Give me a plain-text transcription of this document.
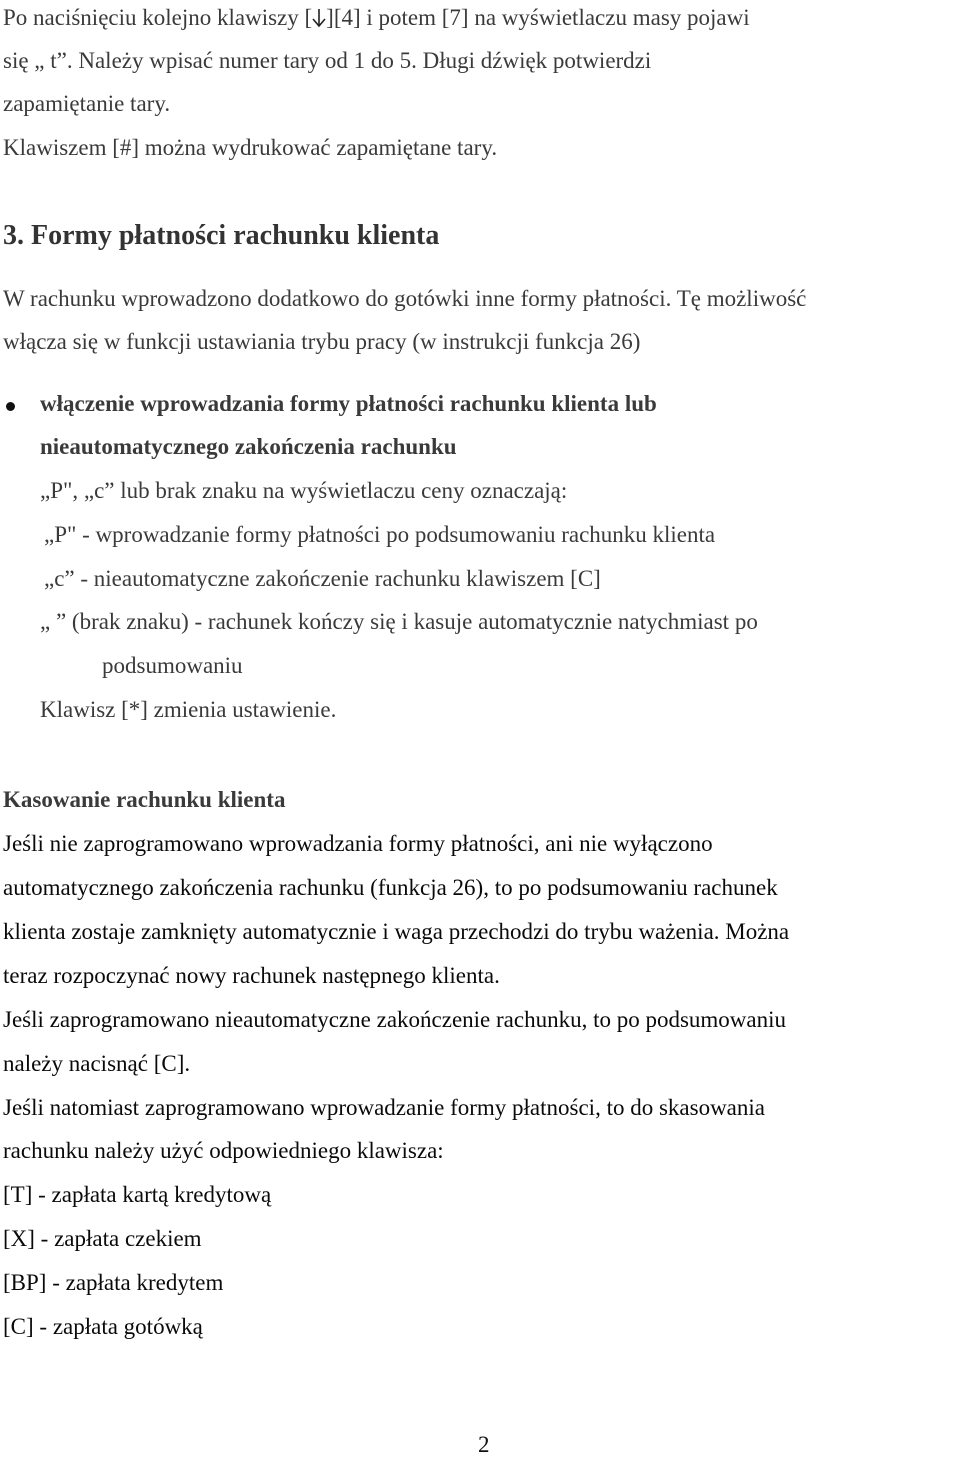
Po naciśnięciu kolejno klawiszy [ ][4] i potem [7] na wyświetlaczu masy pojawi
się „ t”. Należy wpisać numer tary od 1 do 5. Długi dźwięk potwierdzi
zapamiętanie tary.
Klawiszem [#] można wydrukować zapamiętane tary.
3. Formy płatności rachunku klienta
W rachunku wprowadzono dodatkowo do gotówki inne formy płatności. Tę możliwość
włącza się w funkcji ustawiania trybu pracy (w instrukcji funkcja 26)
włączenie wprowadzania formy płatności rachunku klienta lub
nieautomatycznego zakończenia rachunku
„P", „c” lub brak znaku na wyświetlaczu ceny oznaczają:
„P" - wprowadzanie formy płatności po podsumowaniu rachunku klienta
„c” - nieautomatyczne zakończenie rachunku klawiszem [C]
„ ” (brak znaku) - rachunek kończy się i kasuje automatycznie natychmiast po
podsumowaniu
Klawisz [*] zmienia ustawienie.
Kasowanie rachunku klienta
Jeśli nie zaprogramowano wprowadzania formy płatności, ani nie wyłączono
automatycznego zakończenia rachunku (funkcja 26), to po podsumowaniu rachunek
klienta zostaje zamknięty automatycznie i waga przechodzi do trybu ważenia. Można
teraz rozpoczynać nowy rachunek następnego klienta.
Jeśli zaprogramowano nieautomatyczne zakończenie rachunku, to po podsumowaniu
należy nacisnąć [C].
Jeśli natomiast zaprogramowano wprowadzanie formy płatności, to do skasowania
rachunku należy użyć odpowiedniego klawisza:
[T] - zapłata kartą kredytową
[X] - zapłata czekiem
[BP] - zapłata kredytem
[C] - zapłata gotówką
2
